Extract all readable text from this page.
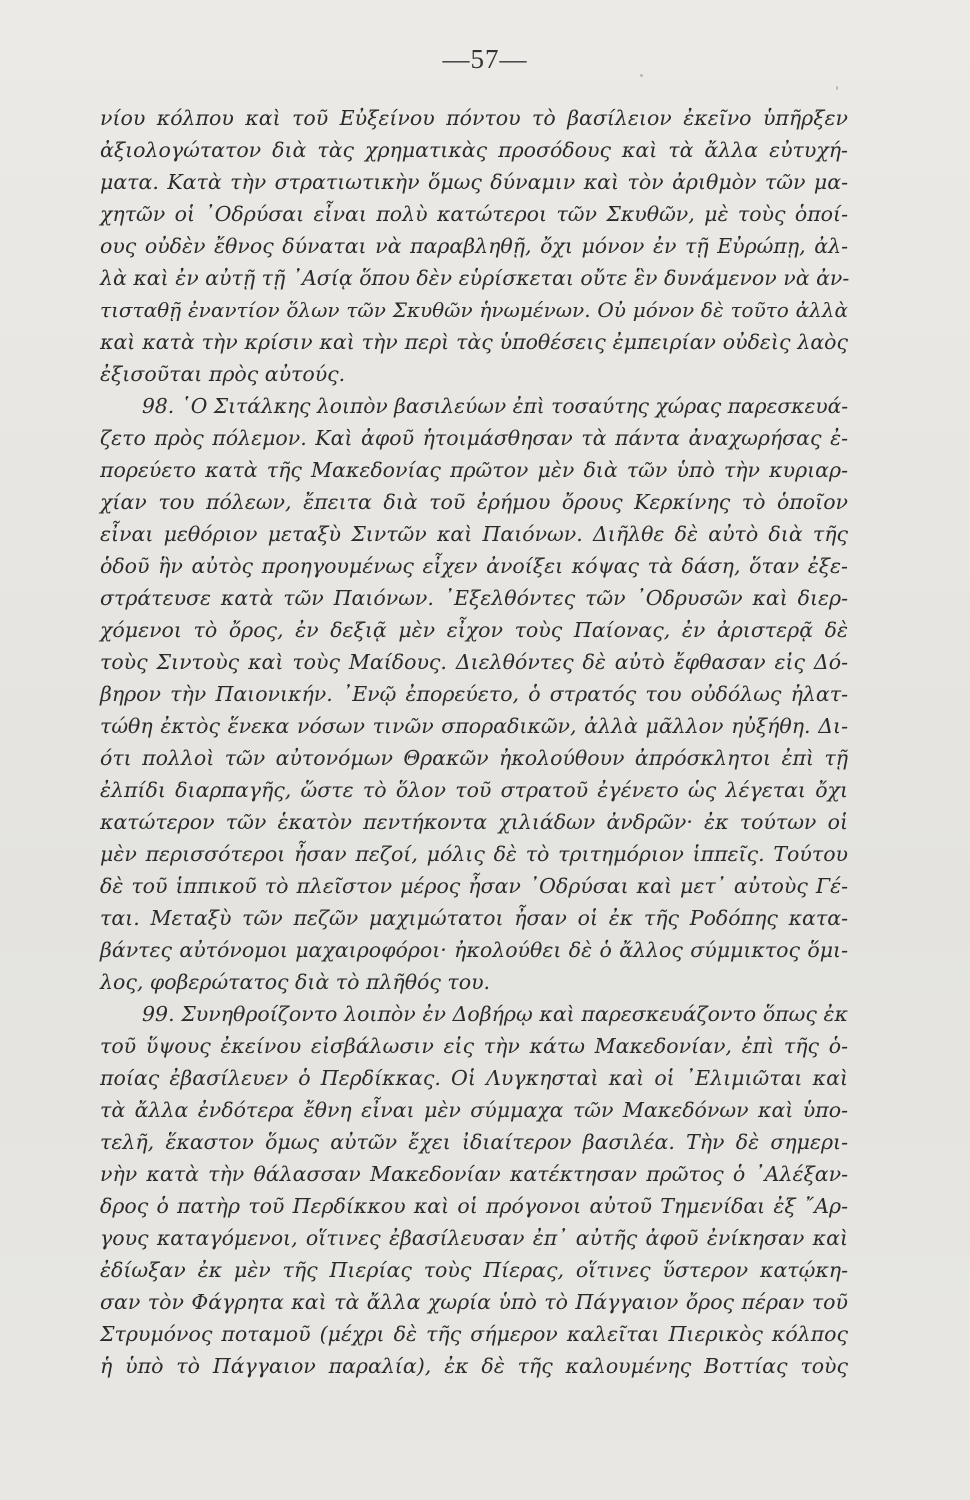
—57—
νίου κόλπου καὶ τοῦ Εὐξείνου πόντου τὸ βασίλειον ἐκεῖνο ὑπῆρξεν
ἀξιολογώτατον διὰ τὰς χρηματικὰς προσόδους καὶ τὰ ἄλλα εὐτυχή-
ματα. Κατὰ τὴν στρατιωτικὴν ὅμως δύναμιν καὶ τὸν ἀριθμὸν τῶν μα-
χητῶν οἱ ᾽Οδρύσαι εἶναι πολὺ κατώτεροι τῶν Σκυθῶν, μὲ τοὺς ὁποί-
ους οὐδὲν ἔθνος δύναται νὰ παραβληθῇ, ὄχι μόνον ἐν τῇ Εὐρώπῃ, ἀλ-
λὰ καὶ ἐν αὐτῇ τῇ ᾽Ασίᾳ ὅπου δὲν εὑρίσκεται οὔτε ἓν δυνάμενον νὰ ἀν-
τισταθῇ ἐναντίον ὅλων τῶν Σκυθῶν ἡνωμένων. Οὐ μόνον δὲ τοῦτο ἀλλὰ
καὶ κατὰ τὴν κρίσιν καὶ τὴν περὶ τὰς ὑποθέσεις ἐμπειρίαν οὐδεὶς λαὸς
ἐξισοῦται πρὸς αὐτούς.
98. ῾Ο Σιτάλκης λοιπὸν βασιλεύων ἐπὶ τοσαύτης χώρας παρεσκευά-
ζετο πρὸς πόλεμον. Καὶ ἀφοῦ ἡτοιμάσθησαν τὰ πάντα ἀναχωρήσας ἐ-
πορεύετο κατὰ τῆς Μακεδονίας πρῶτον μὲν διὰ τῶν ὑπὸ τὴν κυριαρ-
χίαν του πόλεων, ἔπειτα διὰ τοῦ ἐρήμου ὄρους Κερκίνης τὸ ὁποῖον
εἶναι μεθόριον μεταξὺ Σιντῶν καὶ Παιόνων. Διῆλθε δὲ αὐτὸ διὰ τῆς
ὁδοῦ ἣν αὐτὸς προηγουμένως εἶχεν ἀνοίξει κόψας τὰ δάση, ὅταν ἐξε-
στράτευσε κατὰ τῶν Παιόνων. ᾽Εξελθόντες τῶν ᾽Οδρυσῶν καὶ διερ-
χόμενοι τὸ ὄρος, ἐν δεξιᾷ μὲν εἶχον τοὺς Παίονας, ἐν ἀριστερᾷ δὲ
τοὺς Σιντοὺς καὶ τοὺς Μαίδους. Διελθόντες δὲ αὐτὸ ἔφθασαν εἰς Δό-
βηρον τὴν Παιονικήν. ᾽Ενῷ ἐπορεύετο, ὁ στρατός του οὐδόλως ἠλατ-
τώθη ἐκτὸς ἕνεκα νόσων τινῶν σποραδικῶν, ἀλλὰ μᾶλλον ηὐξήθη. Δι-
ότι πολλοὶ τῶν αὐτονόμων Θρακῶν ἠκολούθουν ἀπρόσκλητοι ἐπὶ τῇ
ἐλπίδι διαρπαγῆς, ὥστε τὸ ὅλον τοῦ στρατοῦ ἐγένετο ὡς λέγεται ὄχι
κατώτερον τῶν ἑκατὸν πεντήκοντα χιλιάδων ἀνδρῶν· ἐκ τούτων οἱ
μὲν περισσότεροι ἦσαν πεζοί, μόλις δὲ τὸ τριτημόριον ἱππεῖς. Τούτου
δὲ τοῦ ἱππικοῦ τὸ πλεῖστον μέρος ἦσαν ᾽Οδρύσαι καὶ μετ᾽ αὐτοὺς Γέ-
ται. Μεταξὺ τῶν πεζῶν μαχιμώτατοι ἦσαν οἱ ἐκ τῆς Ροδόπης κατα-
βάντες αὐτόνομοι μαχαιροφόροι· ἠκολούθει δὲ ὁ ἄλλος σύμμικτος ὅμι-
λος, φοβερώτατος διὰ τὸ πλῆθός του.
99. Συνηθροίζοντο λοιπὸν ἐν Δοβήρῳ καὶ παρεσκευάζοντο ὅπως ἐκ
τοῦ ὕψους ἐκείνου εἰσβάλωσιν εἰς τὴν κάτω Μακεδονίαν, ἐπὶ τῆς ὁ-
ποίας ἐβασίλευεν ὁ Περδίκκας. Οἱ Λυγκησταὶ καὶ οἱ ᾽Ελιμιῶται καὶ
τὰ ἄλλα ἐνδότερα ἔθνη εἶναι μὲν σύμμαχα τῶν Μακεδόνων καὶ ὑπο-
τελῆ, ἕκαστον ὅμως αὐτῶν ἔχει ἰδιαίτερον βασιλέα. Τὴν δὲ σημερι-
νὴν κατὰ τὴν θάλασσαν Μακεδονίαν κατέκτησαν πρῶτος ὁ ᾽Αλέξαν-
δρος ὁ πατὴρ τοῦ Περδίκκου καὶ οἱ πρόγονοι αὐτοῦ Τημενίδαι ἐξ ῎Αρ-
γους καταγόμενοι, οἵτινες ἐβασίλευσαν ἐπ᾽ αὐτῆς ἀφοῦ ἐνίκησαν καὶ
ἐδίωξαν ἐκ μὲν τῆς Πιερίας τοὺς Πίερας, οἵτινες ὕστερον κατῴκη-
σαν τὸν Φάγρητα καὶ τὰ ἄλλα χωρία ὑπὸ τὸ Πάγγαιον ὄρος πέραν τοῦ
Στρυμόνος ποταμοῦ (μέχρι δὲ τῆς σήμερον καλεῖται Πιερικὸς κόλπος
ἡ ὑπὸ τὸ Πάγγαιον παραλία), ἐκ δὲ τῆς καλουμένης Βοττίας τοὺς
